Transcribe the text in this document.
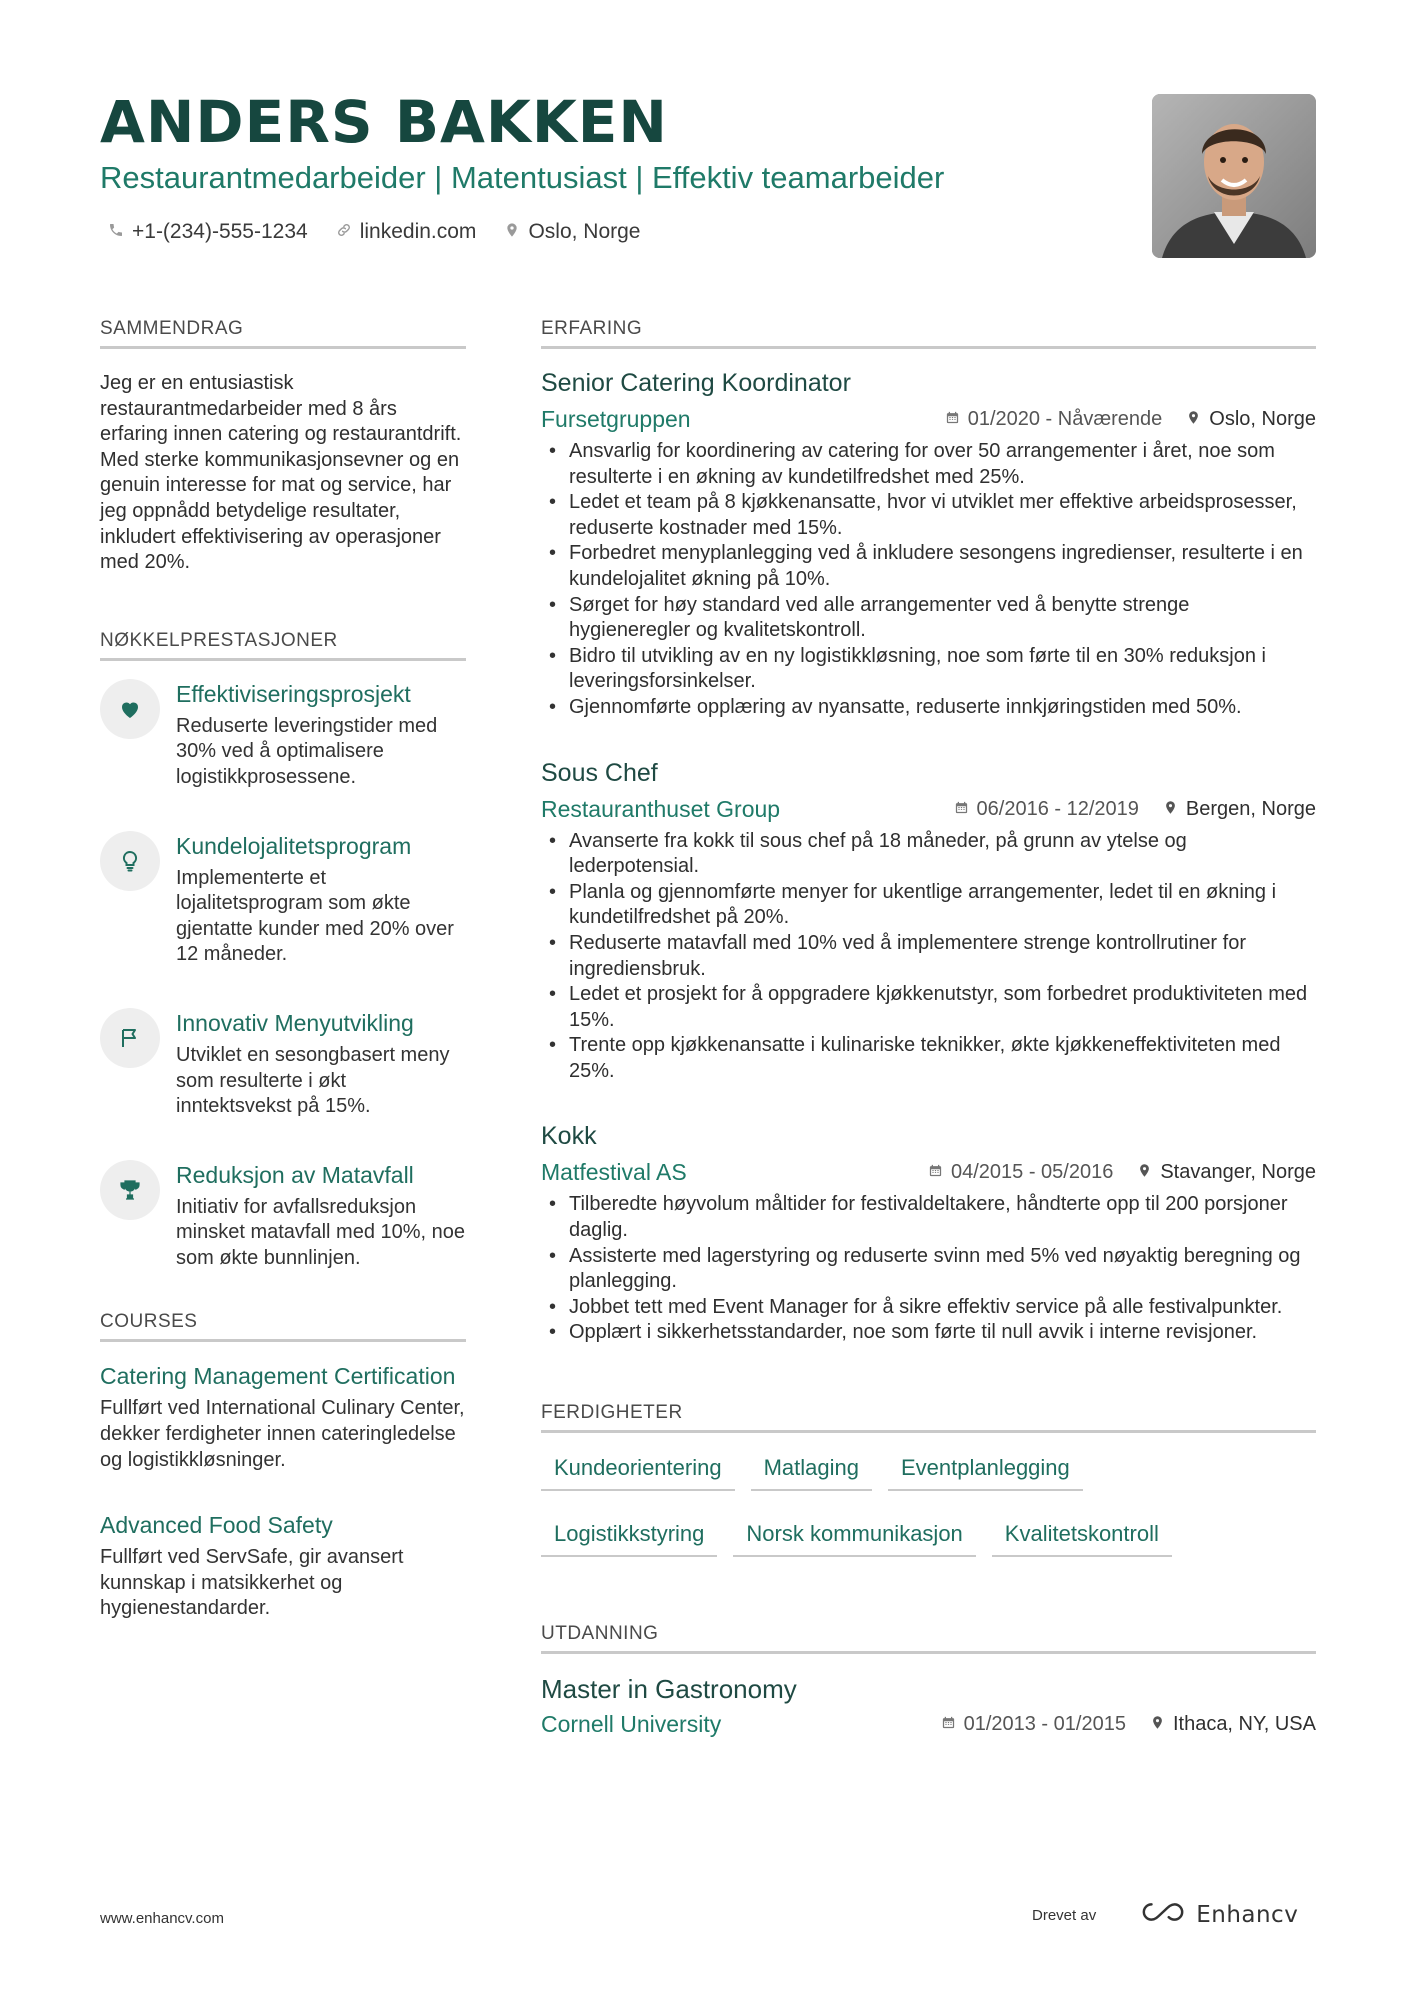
ANDERS BAKKEN
Restaurantmedarbeider | Matentusiast | Effektiv teamarbeider
+1-(234)-555-1234 linkedin.com Oslo, Norge
SAMMENDRAG
Jeg er en entusiastisk restaurantmedarbeider med 8 års erfaring innen catering og restaurantdrift. Med sterke kommunikasjonsevner og en genuin interesse for mat og service, har jeg oppnådd betydelige resultater, inkludert effektivisering av operasjoner med 20%.
NØKKELPRESTASJONER
Effektiviseringsprosjekt
Reduserte leveringstider med 30% ved å optimalisere logistikkprosessene.
Kundelojalitetsprogram
Implementerte et lojalitetsprogram som økte gjentatte kunder med 20% over 12 måneder.
Innovativ Menyutvikling
Utviklet en sesongbasert meny som resulterte i økt inntektsvekst på 15%.
Reduksjon av Matavfall
Initiativ for avfallsreduksjon minsket matavfall med 10%, noe som økte bunnlinjen.
COURSES
Catering Management Certification
Fullført ved International Culinary Center, dekker ferdigheter innen cateringledelse og logistikkløsninger.
Advanced Food Safety
Fullført ved ServSafe, gir avansert kunnskap i matsikkerhet og hygienestandarder.
ERFARING
Senior Catering Koordinator
Fursetgruppen	01/2020 - Nåværende Oslo, Norge
• Ansvarlig for koordinering av catering for over 50 arrangementer i året, noe som resulterte i en økning av kundetilfredshet med 25%.
• Ledet et team på 8 kjøkkenansatte, hvor vi utviklet mer effektive arbeidsprosesser, reduserte kostnader med 15%.
• Forbedret menyplanlegging ved å inkludere sesongens ingredienser, resulterte i en kundelojalitet økning på 10%.
• Sørget for høy standard ved alle arrangementer ved å benytte strenge hygieneregler og kvalitetskontroll.
• Bidro til utvikling av en ny logistikkløsning, noe som førte til en 30% reduksjon i leveringsforsinkelser.
• Gjennomførte opplæring av nyansatte, reduserte innkjøringstiden med 50%.
Sous Chef
Restauranthuset Group	06/2016 - 12/2019 Bergen, Norge
• Avanserte fra kokk til sous chef på 18 måneder, på grunn av ytelse og lederpotensial.
• Planla og gjennomførte menyer for ukentlige arrangementer, ledet til en økning i kundetilfredshet på 20%.
• Reduserte matavfall med 10% ved å implementere strenge kontrollrutiner for ingrediensbruk.
• Ledet et prosjekt for å oppgradere kjøkkenutstyr, som forbedret produktiviteten med 15%.
• Trente opp kjøkkenansatte i kulinariske teknikker, økte kjøkkeneffektiviteten med 25%.
Kokk
Matfestival AS	04/2015 - 05/2016 Stavanger, Norge
• Tilberedte høyvolum måltider for festivaldeltakere, håndterte opp til 200 porsjoner daglig.
• Assisterte med lagerstyring og reduserte svinn med 5% ved nøyaktig beregning og planlegging.
• Jobbet tett med Event Manager for å sikre effektiv service på alle festivalpunkter.
• Opplært i sikkerhetsstandarder, noe som førte til null avvik i interne revisjoner.
FERDIGHETER
Kundeorientering	Matlaging	Eventplanlegging
Logistikkstyring	Norsk kommunikasjon	Kvalitetskontroll
UTDANNING
Master in Gastronomy
Cornell University	01/2013 - 01/2015 Ithaca, NY, USA
www.enhancv.com	Drevet av	Enhancv
